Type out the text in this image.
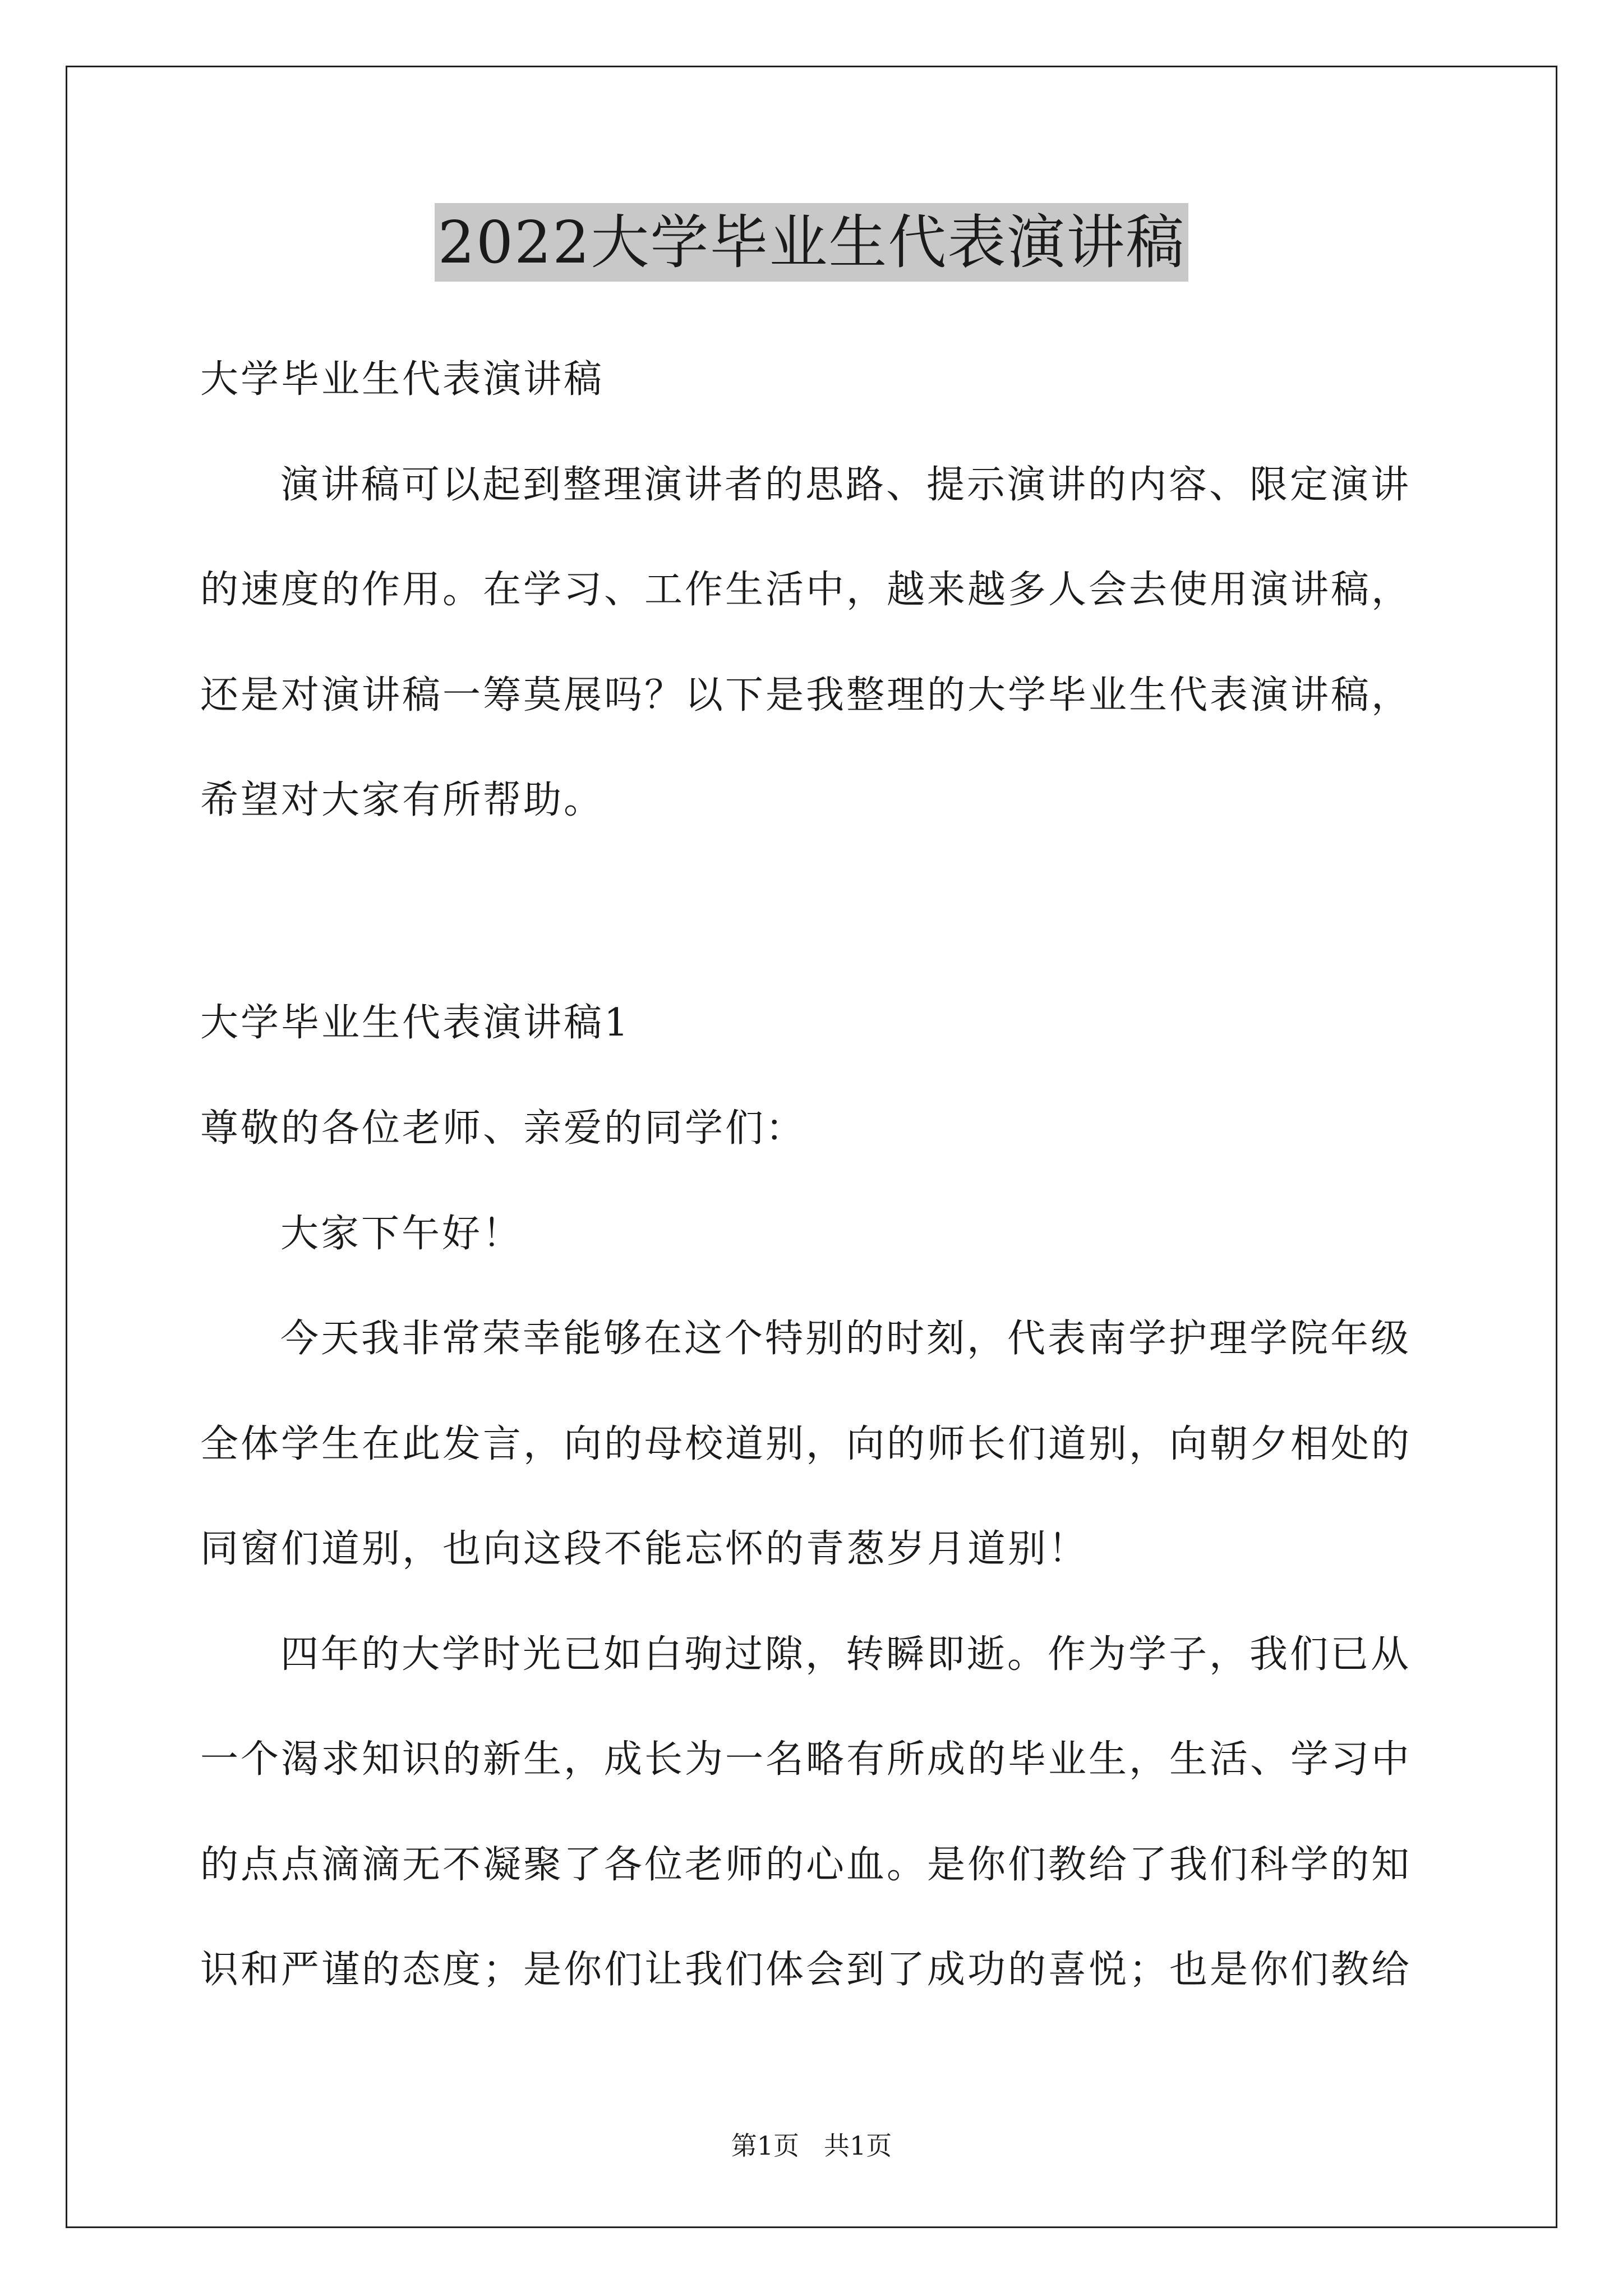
2022大学毕业生代表演讲稿
大学毕业生代表演讲稿
演讲稿可以起到整理演讲者的思路、提示演讲的内容、限定演讲
的速度的作用。在学习、工作生活中，越来越多人会去使用演讲稿，
还是对演讲稿一筹莫展吗？以下是我整理的大学毕业生代表演讲稿，
希望对大家有所帮助。
大学毕业生代表演讲稿1
尊敬的各位老师、亲爱的同学们：
大家下午好！
今天我非常荣幸能够在这个特别的时刻，代表南学护理学院年级
全体学生在此发言，向的母校道别，向的师长们道别，向朝夕相处的
同窗们道别，也向这段不能忘怀的青葱岁月道别！
四年的大学时光已如白驹过隙，转瞬即逝。作为学子，我们已从
一个渴求知识的新生，成长为一名略有所成的毕业生，生活、学习中
的点点滴滴无不凝聚了各位老师的心血。是你们教给了我们科学的知
识和严谨的态度；是你们让我们体会到了成功的喜悦；也是你们教给
第1页 共1页
